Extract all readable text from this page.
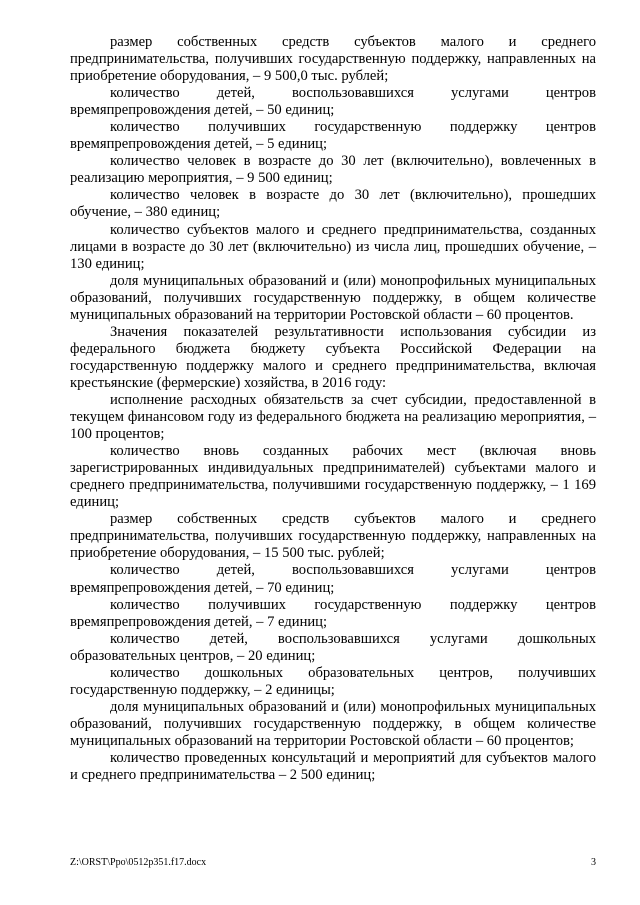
размер собственных средств субъектов малого и среднего предпринимательства, получивших государственную поддержку, направленных на приобретение оборудования, – 9 500,0 тыс. рублей;

количество детей, воспользовавшихся услугами центров времяпрепровождения детей, – 50 единиц;

количество получивших государственную поддержку центров времяпрепровождения детей, – 5 единиц;

количество человек в возрасте до 30 лет (включительно), вовлеченных в реализацию мероприятия, – 9 500 единиц;

количество человек в возрасте до 30 лет (включительно), прошедших обучение, – 380 единиц;

количество субъектов малого и среднего предпринимательства, созданных лицами в возрасте до 30 лет (включительно) из числа лиц, прошедших обучение, – 130 единиц;

доля муниципальных образований и (или) монопрофильных муниципальных образований, получивших государственную поддержку, в общем количестве муниципальных образований на территории Ростовской области – 60 процентов.

Значения показателей результативности использования субсидии из федерального бюджета бюджету субъекта Российской Федерации на государственную поддержку малого и среднего предпринимательства, включая крестьянские (фермерские) хозяйства, в 2016 году:

исполнение расходных обязательств за счет субсидии, предоставленной в текущем финансовом году из федерального бюджета на реализацию мероприятия, – 100 процентов;

количество вновь созданных рабочих мест (включая вновь зарегистрированных индивидуальных предпринимателей) субъектами малого и среднего предпринимательства, получившими государственную поддержку, – 1 169 единиц;

размер собственных средств субъектов малого и среднего предпринимательства, получивших государственную поддержку, направленных на приобретение оборудования, – 15 500 тыс. рублей;

количество детей, воспользовавшихся услугами центров времяпрепровождения детей, – 70 единиц;

количество получивших государственную поддержку центров времяпрепровождения детей, – 7 единиц;

количество детей, воспользовавшихся услугами дошкольных образовательных центров, – 20 единиц;

количество дошкольных образовательных центров, получивших государственную поддержку, – 2 единицы;

доля муниципальных образований и (или) монопрофильных муниципальных образований, получивших государственную поддержку, в общем количестве муниципальных образований на территории Ростовской области – 60 процентов;

количество проведенных консультаций и мероприятий для субъектов малого и среднего предпринимательства – 2 500 единиц;

Z:\ORST\Ppo\0512p351.f17.docx	3
